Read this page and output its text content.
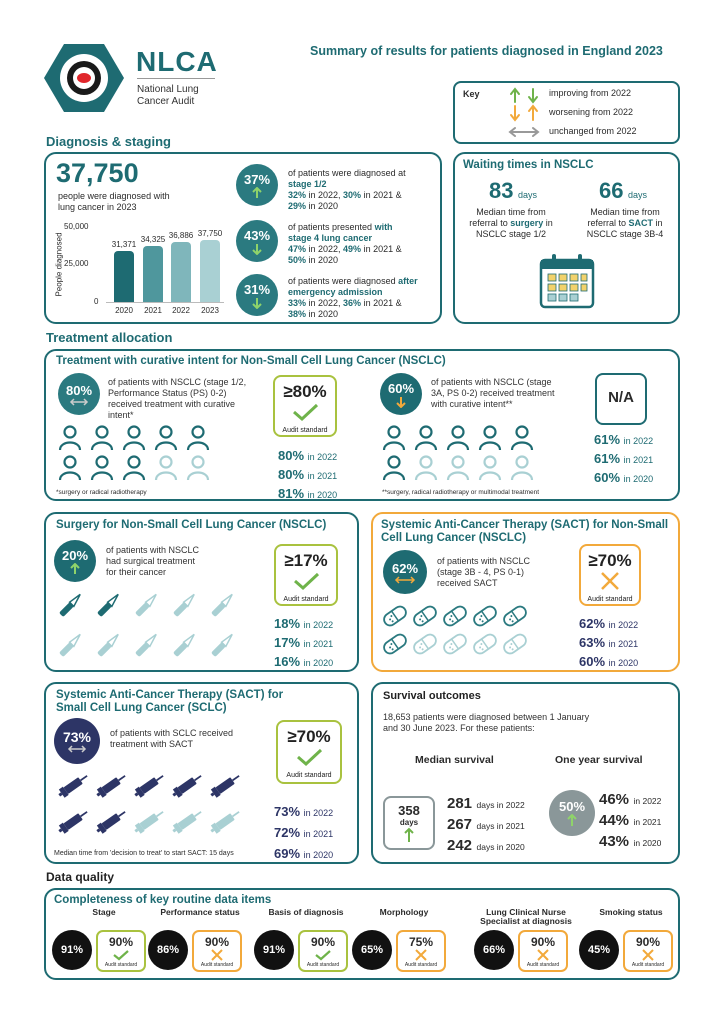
NLCA
National Lung
Cancer Audit
Summary of results for patients diagnosed in England 2023
Key	improving from 2022
worsening from 2022
unchanged from 2022
Diagnosis & staging
37,750
people were diagnosed with
lung cancer in 2023
People diagnosed
50,000
25,000
0
31,371
34,325 36,886 37,750
2020	2021	2022	2023
37% of patients were diagnosed at
stage 1/2
32% in 2022, 30% in 2021 &
29% in 2020
43%
of patients presented with
stage 4 lung cancer
47% in 2022, 49% in 2021 &
50% in 2020
31%
of patients were diagnosed after
emergency admission
33% in 2022, 36% in 2021 &
38% in 2020
Waiting times in NSCLC
83 days
Median time from
referral to surgery in
NSCLC stage 1/2
66 days
Median time from
referral to SACT in
NSCLC stage 3B-4
Treatment allocation
Treatment with curative intent for Non-Small Cell Lung Cancer (NSCLC)
80%
of patients with NSCLC (stage 1/2,
Performance Status (PS) 0-2)
received treatment with curative
intent*
*surgery or radical radiotherapy
≥80%
Audit standard
80% in 2022
80% in 2021
81% in 2020
60% of patients with NSCLC (stage
3A, PS 0-2) received treatment
with curative intent**
**surgery, radical radiotherapy or multimodal treatment
N/A
61% in 2022
61% in 2021
60% in 2020
Surgery for Non-Small Cell Lung Cancer (NSCLC)
20% of patients with NSCLC
had surgical treatment
for their cancer
≥17%
Audit standard
18% in 2022
17% in 2021
16% in 2020
Systemic Anti-Cancer Therapy (SACT) for Non-Small
Cell Lung Cancer (NSCLC)
62% of patients with NSCLC
(stage 3B - 4, PS 0-1)
received SACT
≥70%
Audit standard
62% in 2022
63% in 2021
60% in 2020
Systemic Anti-Cancer Therapy (SACT) for
Small Cell Lung Cancer (SCLC)
73% of patients with SCLC received
treatment with SACT
Median time from 'decision to treat' to start SACT: 15 days
≥70%
Audit standard
73% in 2022
72% in 2021
69% in 2020
Survival outcomes
18,653 patients were diagnosed between 1 January
and 30 June 2023. For these patients:
Median survival	One year survival
358
days
281 days in 2022
267 days in 2021
242 days in 2020
50% 46% in 2022
44% in 2021
43% in 2020
Data quality
Completeness of key routine data items
Stage
91%
90%
Audit standard
Performance status
86%
90%
Audit standard
Basis of diagnosis
91%
90%
Audit standard
Morphology
65%
75%
Audit standard
Lung Clinical Nurse
Specialist at diagnosis
66%
90%
Audit standard
Smoking status
45%
90%
Audit standard
